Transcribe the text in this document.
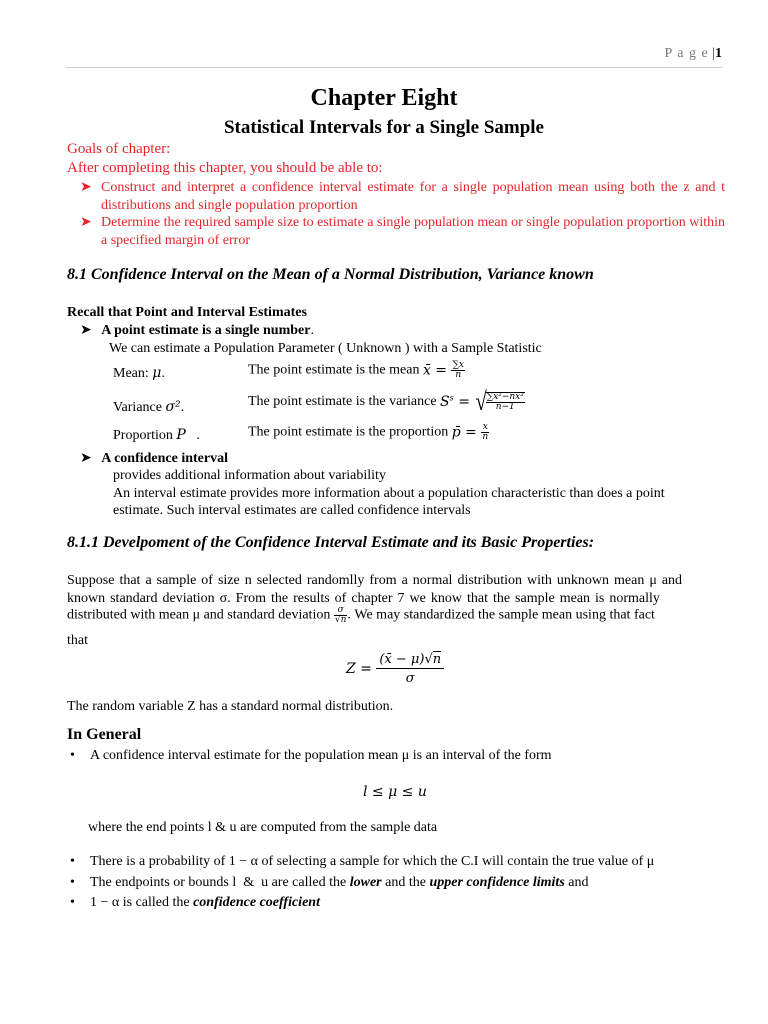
P a g e |1
Chapter Eight
Statistical Intervals for a Single Sample
Goals of chapter:
After completing this chapter, you should be able to:
➤ Construct and interpret a confidence interval estimate for a single population mean using both the z and t distributions and single population proportion
➤ Determine the required sample size to estimate a single population mean or single population proportion within a specified margin of error
8.1 Confidence Interval on the Mean of a Normal Distribution, Variance known
Recall that Point and Interval Estimates
➤ A point estimate is a single number.
We can estimate a Population Parameter ( Unknown ) with a Sample Statistic
Mean: μ.	The point estimate is the mean x̄ = $\frac{\sum x}{n}$
Variance σ².	The point estimate is the variance $S^s$ = √
$\frac{\text{∑x²−nx̄²}}{n-1}$
Proportion P   .	The point estimate is the proportion p̄ = $\frac{x}{n}$
➤ A confidence interval
provides additional information about variability
An interval estimate provides more information about a population characteristic than does a point
estimate. Such interval estimates are called confidence intervals
8.1.1 Develpoment of the Confidence Interval Estimate and its Basic Properties:
Suppose that a sample of size n selected randomlly from a normal distribution with unknown mean μ and
known standard deviation σ. From the results of chapter 7 we know that the sample mean is normally
distributed with mean μ and standard deviation $\frac{\sigma}{√n}$ . We may standardized the sample mean using that fact
that
$Z = \frac{(x̄ - \mu)√n}{\sigma}$
The random variable Z has a standard normal distribution.
In General
• A confidence interval estimate for the population mean μ is an interval of the form
l ≤ μ ≤ u
where the end points l & u are computed from the sample data
• There is a probability of 1 − α of selecting a sample for which the C.I will contain the true value of μ
• The endpoints or bounds l  &  u are called the lower and the upper confidence limits and
• 1 − α is called the confidence coefficient
